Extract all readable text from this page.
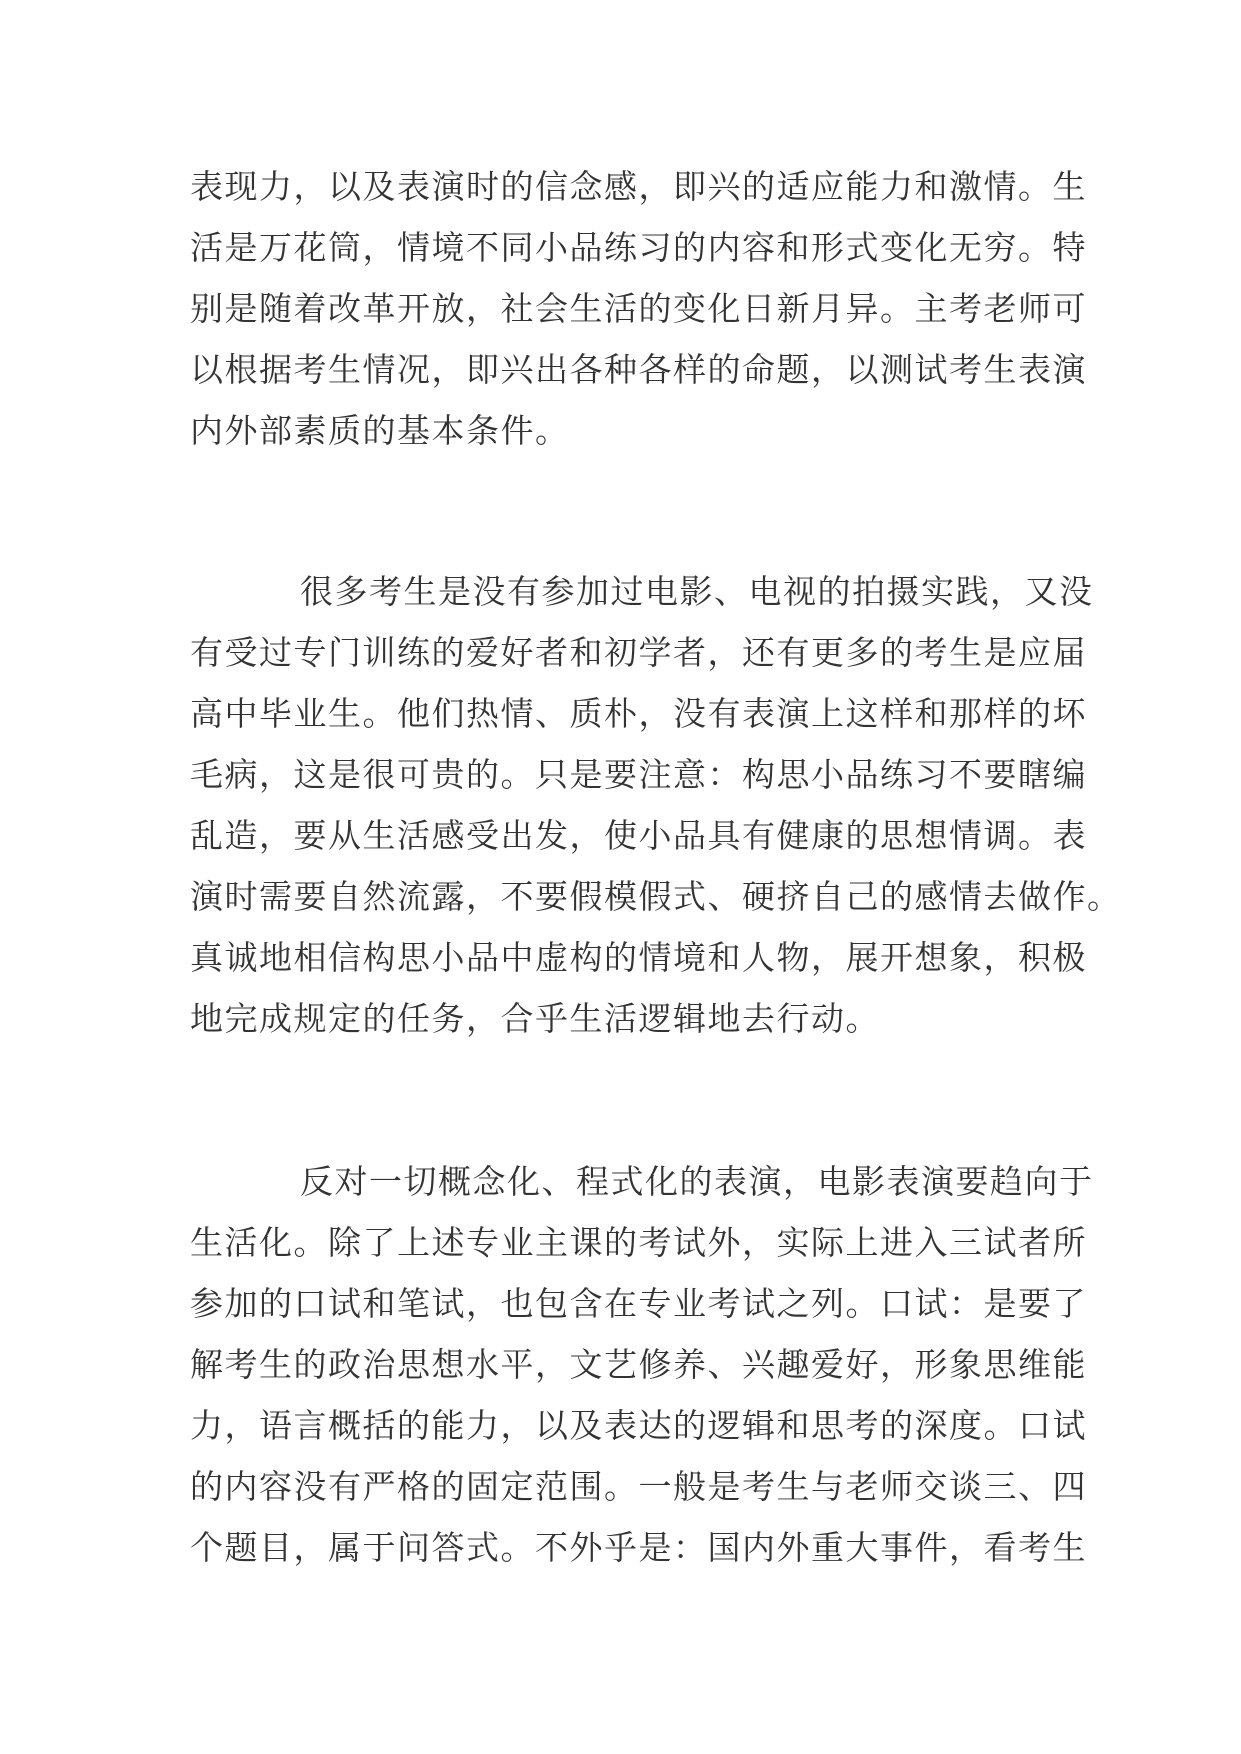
表现力，以及表演时的信念感，即兴的适应能力和激情。生
活是万花筒，情境不同小品练习的内容和形式变化无穷。特
别是随着改革开放，社会生活的变化日新月异。主考老师可
以根据考生情况，即兴出各种各样的命题，以测试考生表演
内外部素质的基本条件。
很多考生是没有参加过电影、电视的拍摄实践，又没
有受过专门训练的爱好者和初学者，还有更多的考生是应届
高中毕业生。他们热情、质朴，没有表演上这样和那样的坏
毛病，这是很可贵的。只是要注意：构思小品练习不要瞎编
乱造，要从生活感受出发，使小品具有健康的思想情调。表
演时需要自然流露，不要假模假式、硬挤自己的感情去做作。
真诚地相信构思小品中虚构的情境和人物，展开想象，积极
地完成规定的任务，合乎生活逻辑地去行动。
反对一切概念化、程式化的表演，电影表演要趋向于
生活化。除了上述专业主课的考试外，实际上进入三试者所
参加的口试和笔试，也包含在专业考试之列。口试：是要了
解考生的政治思想水平，文艺修养、兴趣爱好，形象思维能
力，语言概括的能力，以及表达的逻辑和思考的深度。口试
的内容没有严格的固定范围。一般是考生与老师交谈三、四
个题目，属于问答式。不外乎是：国内外重大事件，看考生
